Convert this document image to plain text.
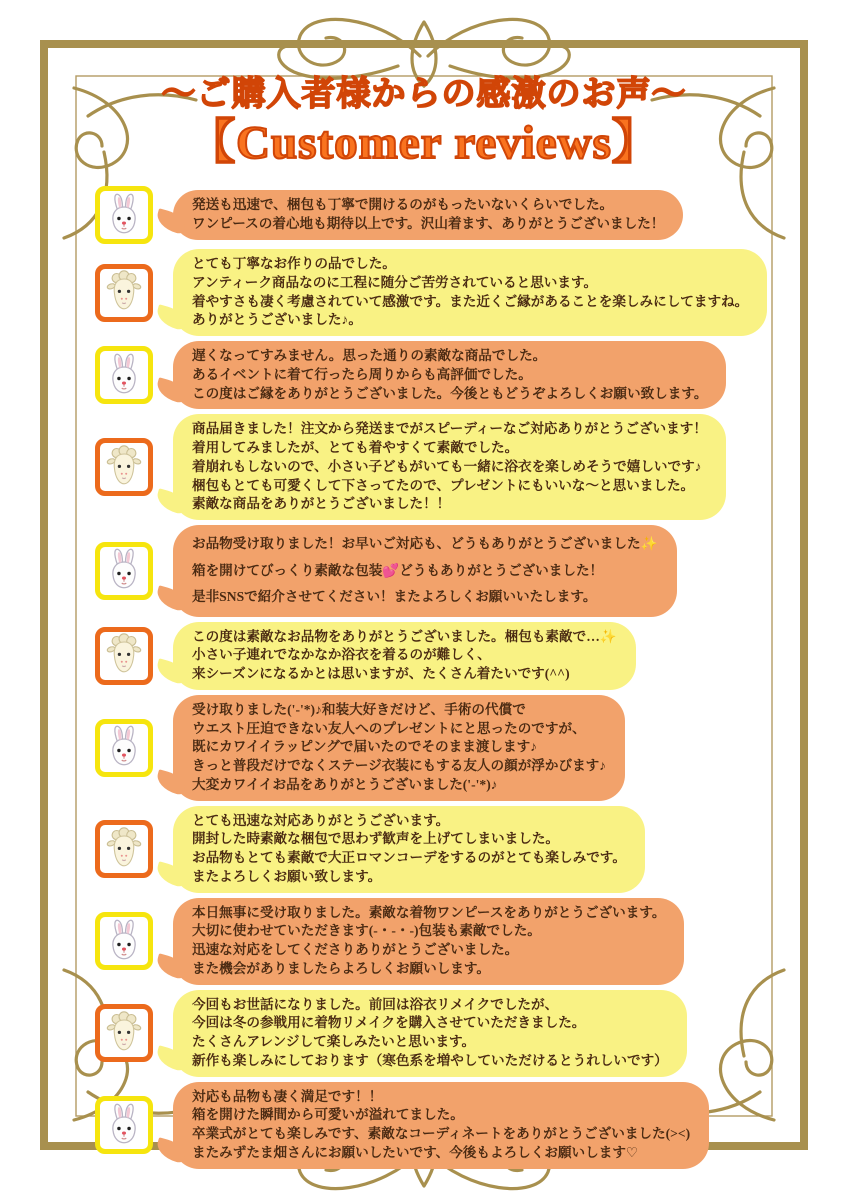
〜ご購入者様からの感激のお声〜
【Customer reviews】
発送も迅速で、梱包も丁寧で開けるのがもったいないくらいでした。
ワンピースの着心地も期待以上です。沢山着ます、ありがとうございました！
とても丁寧なお作りの品でした。
アンティーク商品なのに工程に随分ご苦労されていると思います。
着やすさも凄く考慮されていて感激です。また近くご縁があることを楽しみにしてますね。
ありがとうございました♪。
遅くなってすみません。思った通りの素敵な商品でした。
あるイベントに着て行ったら周りからも高評価でした。
この度はご縁をありがとうございました。今後ともどうぞよろしくお願い致します。
商品届きました！注文から発送までがスピーディーなご対応ありがとうございます！
着用してみましたが、とても着やすくて素敵でした。
着崩れもしないので、小さい子どもがいても一緒に浴衣を楽しめそうで嬉しいです♪
梱包もとても可愛くして下さってたので、プレゼントにもいいな〜と思いました。
素敵な商品をありがとうございました！！
お品物受け取りました！お早いご対応も、どうもありがとうございました✨
箱を開けてびっくり素敵な包装💕どうもありがとうございました！
是非SNSで紹介させてください！またよろしくお願いいたします。
この度は素敵なお品物をありがとうございました。梱包も素敵で…✨
小さい子連れでなかなか浴衣を着るのが難しく、
来シーズンになるかとは思いますが、たくさん着たいです(^^)
受け取りました('-'*)♪和装大好きだけど、手術の代償で
ウエスト圧迫できない友人へのプレゼントにと思ったのですが、
既にカワイイラッピングで届いたのでそのまま渡します♪
きっと普段だけでなくステージ衣装にもする友人の顔が浮かびます♪
大変カワイイお品をありがとうございました('-'*)♪
とても迅速な対応ありがとうございます。
開封した時素敵な梱包で思わず歓声を上げてしまいました。
お品物もとても素敵で大正ロマンコーデをするのがとても楽しみです。
またよろしくお願い致します。
本日無事に受け取りました。素敵な着物ワンピースをありがとうございます。
大切に使わせていただきます(-・‐・-)包装も素敵でした。
迅速な対応をしてくださりありがとうございました。
また機会がありましたらよろしくお願いします。
今回もお世話になりました。前回は浴衣リメイクでしたが、
今回は冬の参戦用に着物リメイクを購入させていただきました。
たくさんアレンジして楽しみたいと思います。
新作も楽しみにしております（寒色系を増やしていただけるとうれしいです）
対応も品物も凄く満足です！！
箱を開けた瞬間から可愛いが溢れてました。
卒業式がとても楽しみです、素敵なコーディネートをありがとうございました(><)
またみずたま畑さんにお願いしたいです、今後もよろしくお願いします♡
